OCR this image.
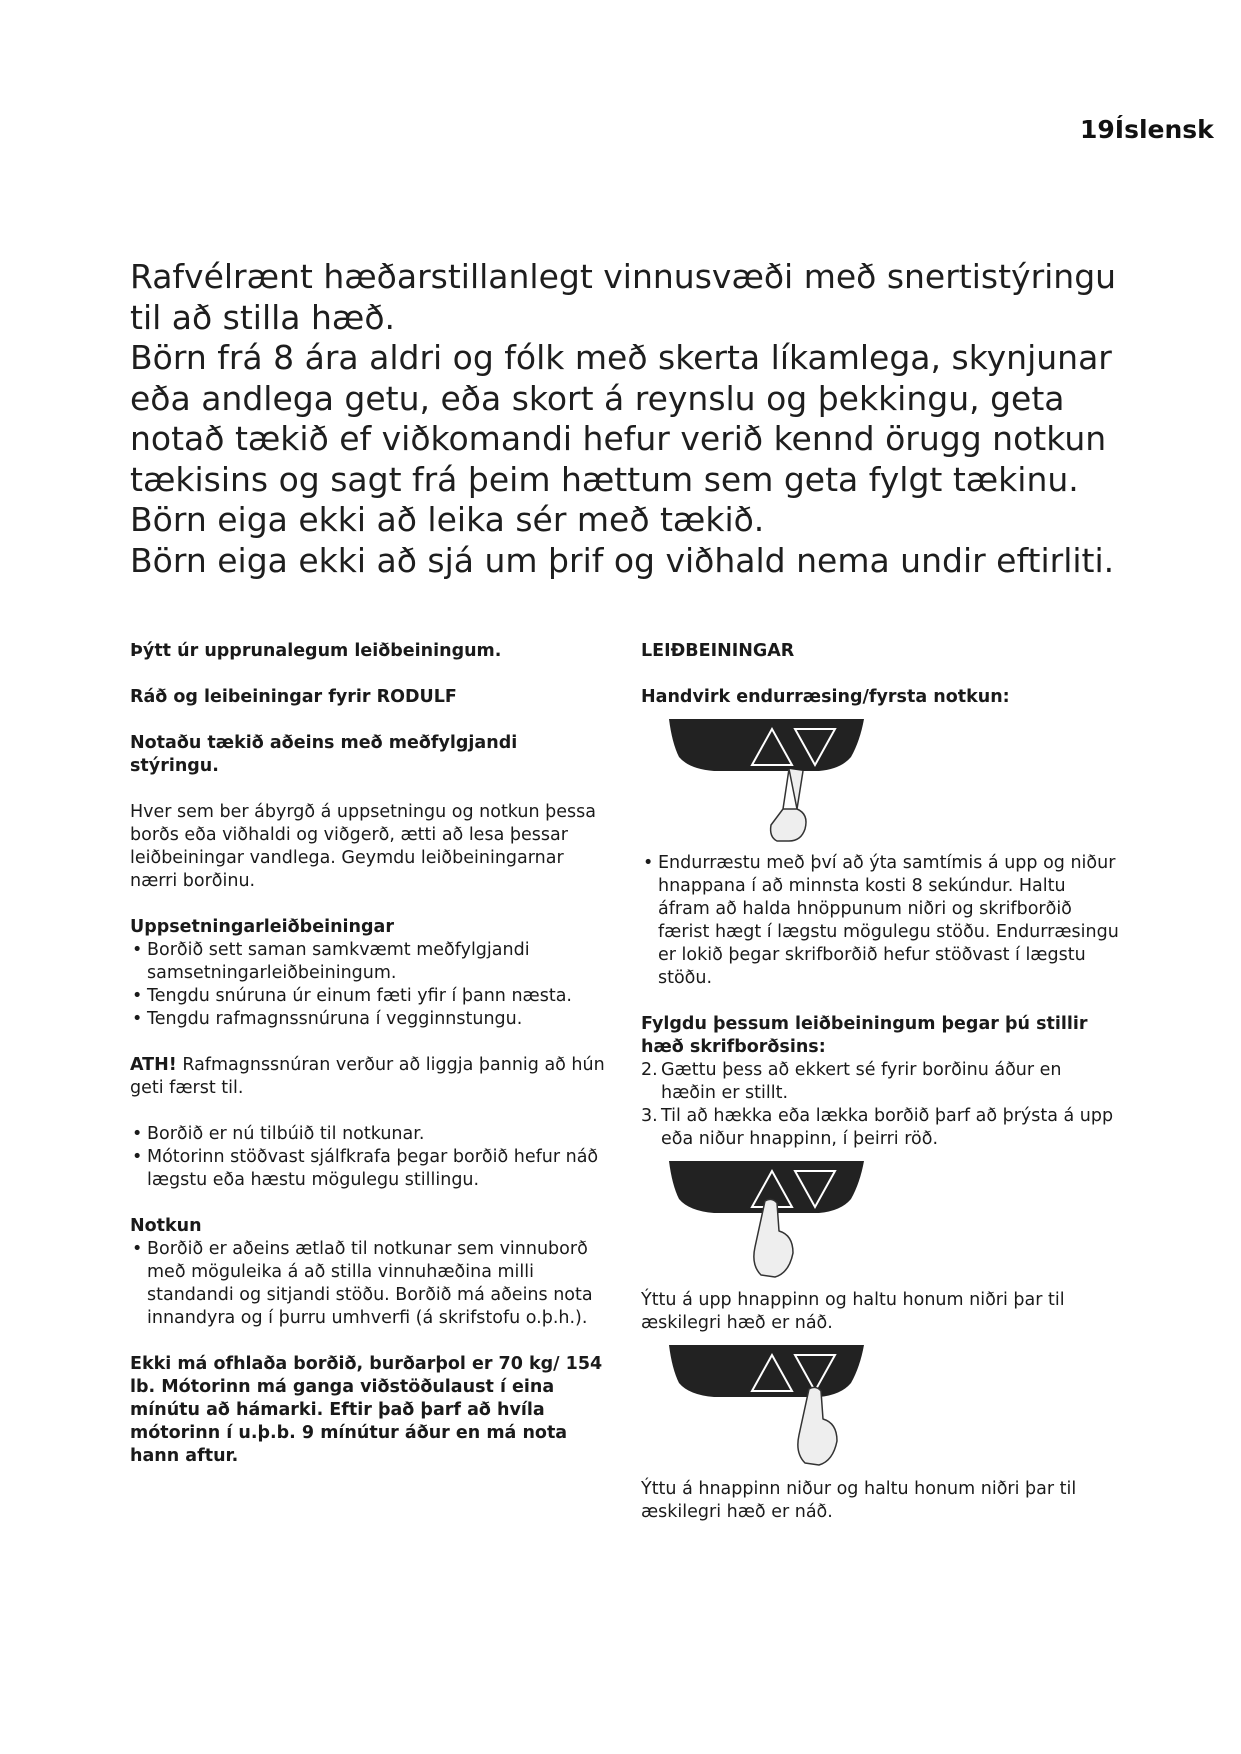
19Íslensk

Rafvélrænt hæðarstillanlegt vinnusvæði með snertistýringu til að stilla hæð.

Börn frá 8 ára aldri og fólk með skerta líkamlega, skynjunar eða andlega getu, eða skort á reynslu og þekkingu, geta notað tækið ef viðkomandi hefur verið kennd örugg notkun tækisins og sagt frá þeim hættum sem geta fylgt tækinu. Börn eiga ekki að leika sér með tækið.

Börn eiga ekki að sjá um þrif og viðhald nema undir eftirliti.

Þýtt úr upprunalegum leiðbeiningum.

Ráð og leibeiningar fyrir RODULF

Notaðu tækið aðeins með meðfylgjandi stýringu.

Hver sem ber ábyrgð á uppsetningu og notkun þessa borðs eða viðhaldi og viðgerð, ætti að lesa þessar leiðbeiningar vandlega. Geymdu leiðbeiningarnar nærri borðinu.

Uppsetningarleiðbeiningar

• Borðið sett saman samkvæmt meðfylgjandi samsetningarleiðbeiningum.
• Tengdu snúruna úr einum fæti yfir í þann næsta.
• Tengdu rafmagnssnúruna í vegginnstungu.

ATH! Rafmagnssnúran verður að liggja þannig að hún geti færst til.

• Borðið er nú tilbúið til notkunar.
• Mótorinn stöðvast sjálfkrafa þegar borðið hefur náð lægstu eða hæstu mögulegu stillingu.

Notkun

• Borðið er aðeins ætlað til notkunar sem vinnuborð með möguleika á að stilla vinnuhæðina milli standandi og sitjandi stöðu. Borðið má aðeins nota innandyra og í þurru umhverfi (á skrifstofu o.þ.h.).

Ekki má ofhlaða borðið, burðarþol er 70 kg/ 154 lb. Mótorinn má ganga viðstöðulaust í eina mínútu að hámarki. Eftir það þarf að hvíla mótorinn í u.þ.b. 9 mínútur áður en má nota hann aftur.

LEIÐBEININGAR

Handvirk endurræsing/fyrsta notkun:

• Endurræstu með því að ýta samtímis á upp og niður hnappana í að minnsta kosti 8 sekúndur. Haltu áfram að halda hnöppunum niðri og skrifborðið færist hægt í lægstu mögulegu stöðu. Endurræsingu er lokið þegar skrifborðið hefur stöðvast í lægstu stöðu.

Fylgdu þessum leiðbeiningum þegar þú stillir hæð skrifborðsins:

2. Gættu þess að ekkert sé fyrir borðinu áður en hæðin er stillt.
3. Til að hækka eða lækka borðið þarf að þrýsta á upp eða niður hnappinn, í þeirri röð.

Ýttu á upp hnappinn og haltu honum niðri þar til æskilegri hæð er náð.

Ýttu á hnappinn niður og haltu honum niðri þar til æskilegri hæð er náð.
